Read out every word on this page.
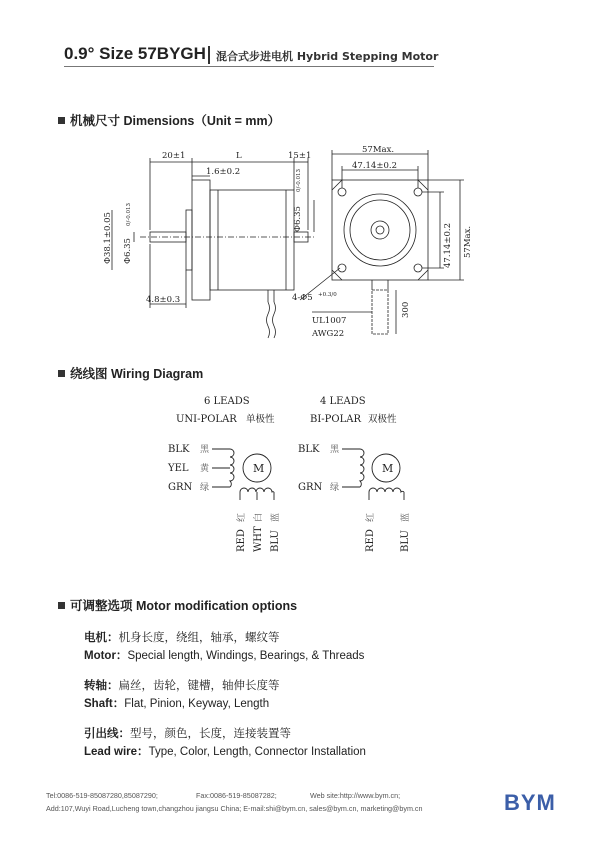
0.9° Size 57BYGH 混合式步进电机 Hybrid Stepping Motor
机械尺寸 Dimensions（Unit = mm）
20±1	L	15±1
1.6±0.2
4.8±0.3
Φ38.1±0.05 Φ6.35
0/-0.013	Φ6.35
0/-0.013
57Max.
47.14±0.2
47.14±0.2 57Max.
4-Φ5 +0.3/0
300
UL1007
AWG22
绕线图 Wiring Diagram
6 LEADS
UNI-POLAR 单极性
4 LEADS
BI-POLAR 双极性
BLK
YEL
GRN
黑
黄
绿
BLK
GRN
黑
绿
M	M
RED WHT BLU	RED BLU
红 白 蓝	红	蓝
可调整选项 Motor modification options
电机：机身长度，绕组，轴承，螺纹等
Motor：Special length, Windings, Bearings, & Threads
转轴：扁丝，齿轮，键槽，轴伸长度等
Shaft：Flat, Pinion, Keyway, Length
引出线：型号，颜色，长度，连接装置等
Lead wire：Type, Color, Length, Connector Installation
Tel:0086-519-85087280,85087290;	Fax:0086-519-85087282;	Web site:http://www.bym.cn;
Add:107,Wuyi Road,Lucheng town,changzhou jiangsu China; E-mail:shi@bym.cn, sales@bym.cn, marketing@bym.cn	BYM
